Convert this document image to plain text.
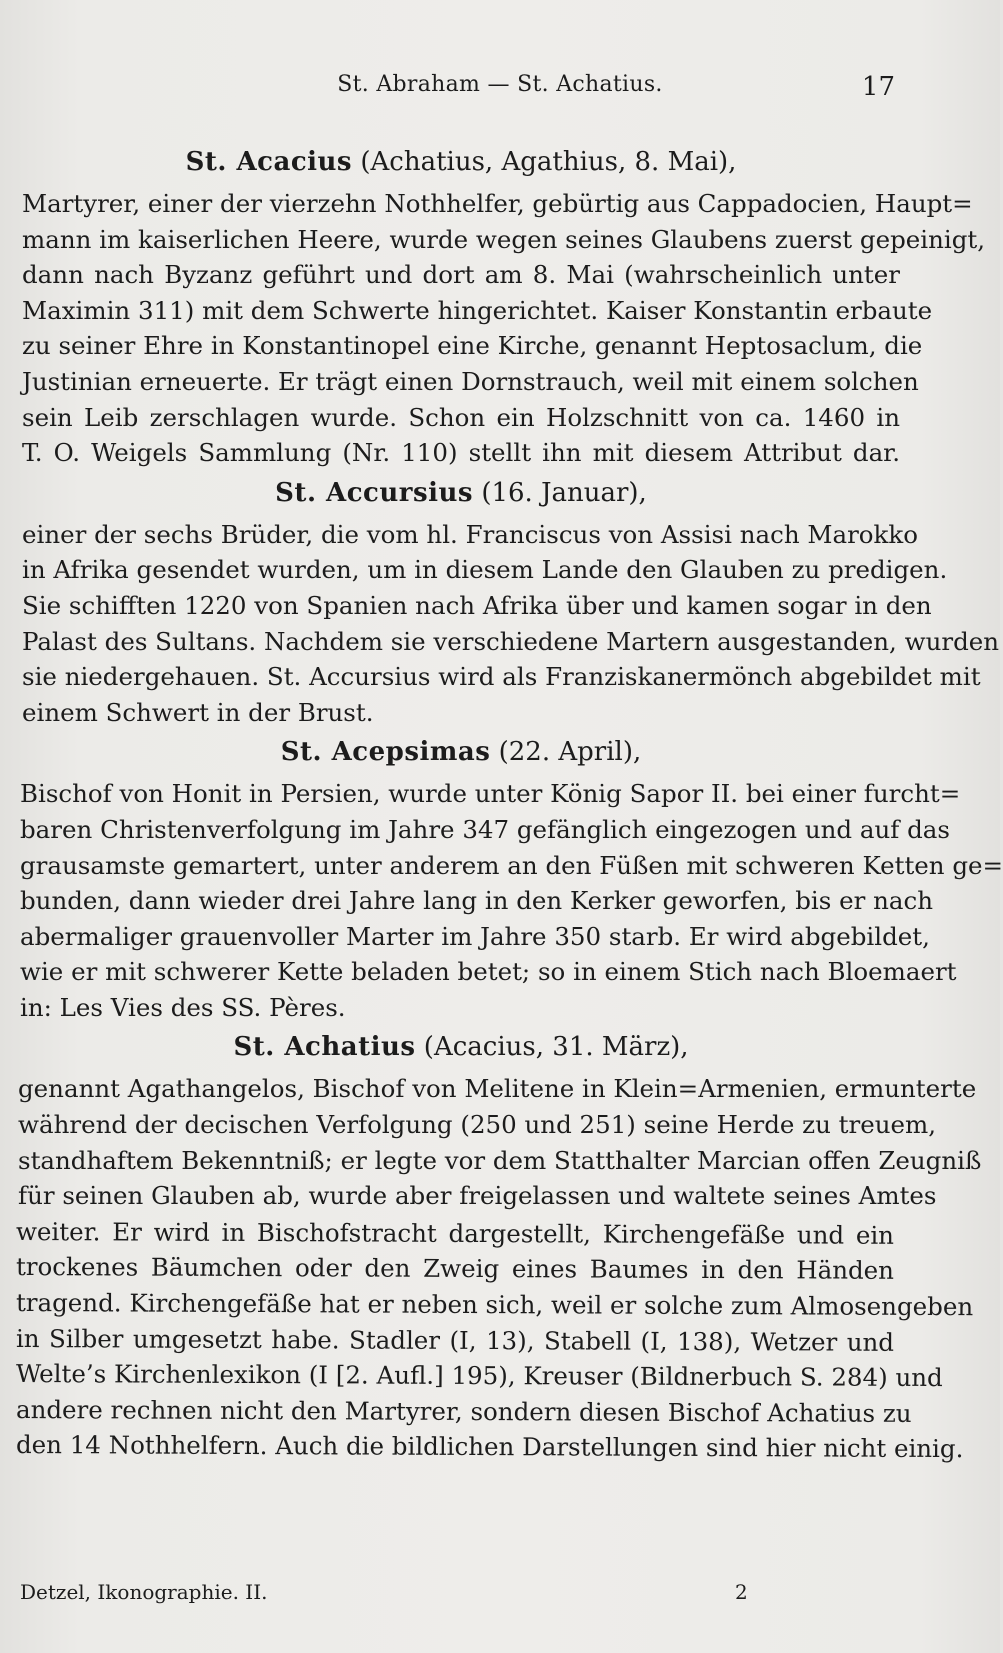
St. Abraham — St. Achatius.	17
St. Acacius (Achatius, Agathius, 8. Mai),
Martyrer, einer der vierzehn Nothhelfer, gebürtig aus Cappadocien, Haupt=
mann im kaiserlichen Heere, wurde wegen seines Glaubens zuerst gepeinigt,
dann nach Byzanz geführt und dort am 8. Mai (wahrscheinlich unter
Maximin 311) mit dem Schwerte hingerichtet. Kaiser Konstantin erbaute
zu seiner Ehre in Konstantinopel eine Kirche, genannt Heptosaclum, die
Justinian erneuerte. Er trägt einen Dornstrauch, weil mit einem solchen
sein Leib zerschlagen wurde. Schon ein Holzschnitt von ca. 1460 in
T. O. Weigels Sammlung (Nr. 110) stellt ihn mit diesem Attribut dar.
St. Accursius (16. Januar),
einer der sechs Brüder, die vom hl. Franciscus von Assisi nach Marokko
in Afrika gesendet wurden, um in diesem Lande den Glauben zu predigen.
Sie schifften 1220 von Spanien nach Afrika über und kamen sogar in den
Palast des Sultans. Nachdem sie verschiedene Martern ausgestanden, wurden
sie niedergehauen. St. Accursius wird als Franziskanermönch abgebildet mit
einem Schwert in der Brust.
St. Acepsimas (22. April),
Bischof von Honit in Persien, wurde unter König Sapor II. bei einer furcht=
baren Christenverfolgung im Jahre 347 gefänglich eingezogen und auf das
grausamste gemartert, unter anderem an den Füßen mit schweren Ketten ge=
bunden, dann wieder drei Jahre lang in den Kerker geworfen, bis er nach
abermaliger grauenvoller Marter im Jahre 350 starb. Er wird abgebildet,
wie er mit schwerer Kette beladen betet; so in einem Stich nach Bloemaert
in: Les Vies des SS. Pères.
St. Achatius (Acacius, 31. März),
genannt Agathangelos, Bischof von Melitene in Klein=Armenien, ermunterte
während der decischen Verfolgung (250 und 251) seine Herde zu treuem,
standhaftem Bekenntniß; er legte vor dem Statthalter Marcian offen Zeugniß
für seinen Glauben ab, wurde aber freigelassen und waltete seines Amtes
weiter. Er wird in Bischofstracht dargestellt, Kirchengefäße und ein
trockenes Bäumchen oder den Zweig eines Baumes in den Händen
tragend. Kirchengefäße hat er neben sich, weil er solche zum Almosengeben
in Silber umgesetzt habe. Stadler (I, 13), Stabell (I, 138), Wetzer und
Welte’s Kirchenlexikon (I [2. Aufl.] 195), Kreuser (Bildnerbuch S. 284) und
andere rechnen nicht den Martyrer, sondern diesen Bischof Achatius zu
den 14 Nothhelfern. Auch die bildlichen Darstellungen sind hier nicht einig.
Detzel, Ikonographie. II.	2
